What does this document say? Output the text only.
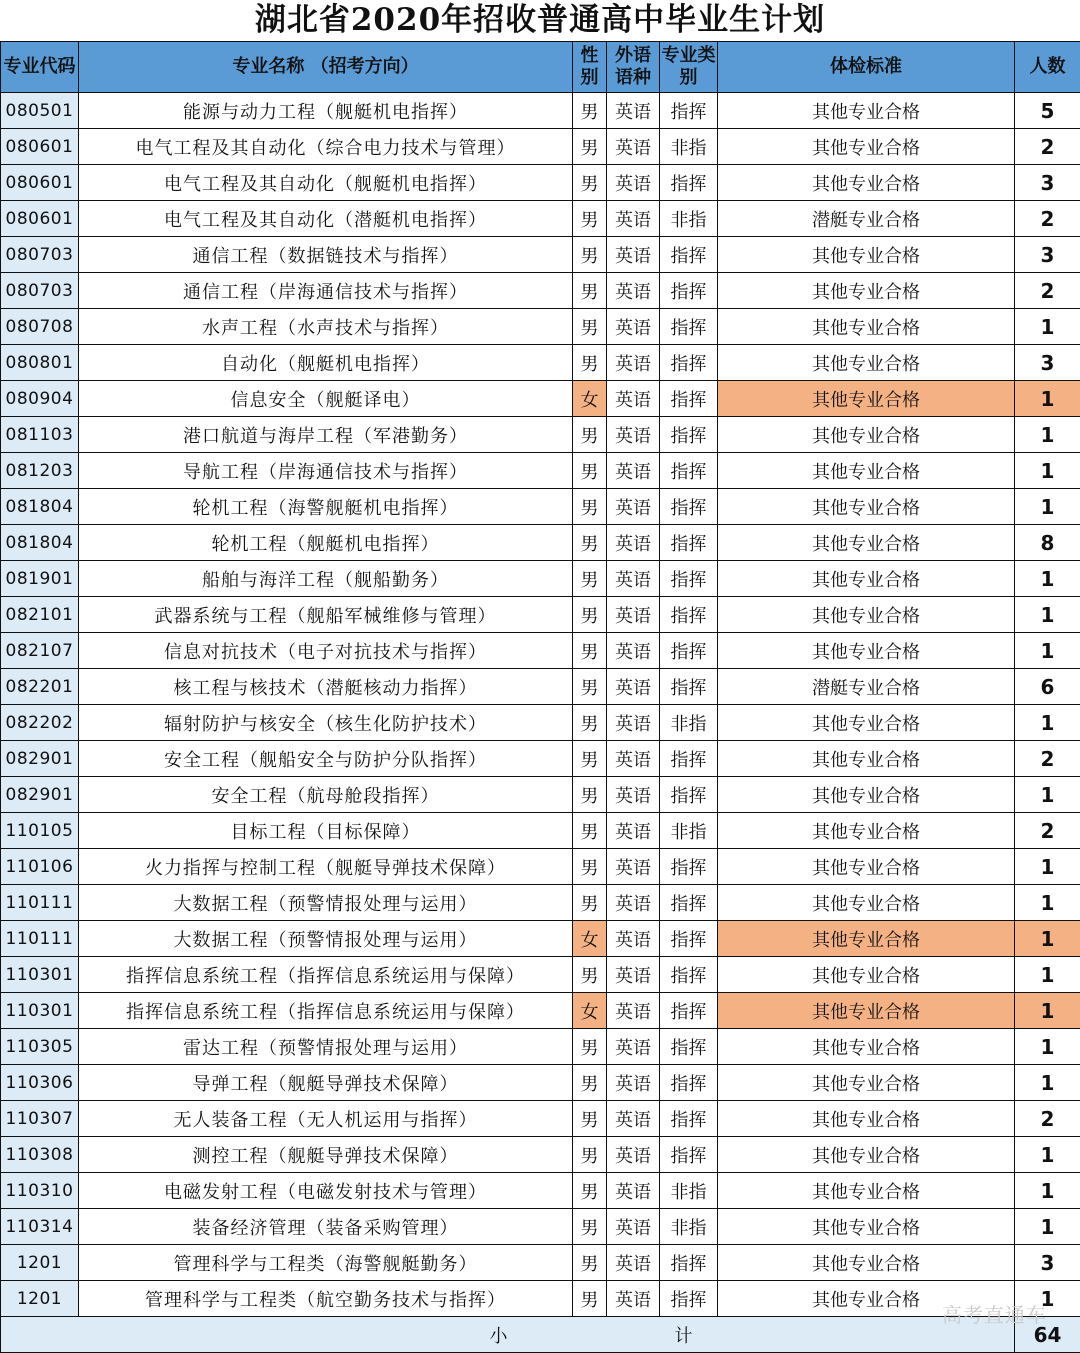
湖北省2020年招收普通高中毕业生计划
专业代码	专业名称 （招考方向）	性别	外语语种	专业类别	体检标准	人数
080501	能源与动力工程（舰艇机电指挥）	男	英语	指挥	其他专业合格	5
080601	电气工程及其自动化（综合电力技术与管理）	男	英语	非指	其他专业合格	2
080601	电气工程及其自动化（舰艇机电指挥）	男	英语	指挥	其他专业合格	3
080601	电气工程及其自动化（潜艇机电指挥）	男	英语	非指	潜艇专业合格	2
080703	通信工程（数据链技术与指挥）	男	英语	指挥	其他专业合格	3
080703	通信工程（岸海通信技术与指挥）	男	英语	指挥	其他专业合格	2
080708	水声工程（水声技术与指挥）	男	英语	指挥	其他专业合格	1
080801	自动化（舰艇机电指挥）	男	英语	指挥	其他专业合格	3
080904	信息安全（舰艇译电）	女	英语	指挥	其他专业合格	1
081103	港口航道与海岸工程（军港勤务）	男	英语	指挥	其他专业合格	1
081203	导航工程（岸海通信技术与指挥）	男	英语	指挥	其他专业合格	1
081804	轮机工程（海警舰艇机电指挥）	男	英语	指挥	其他专业合格	1
081804	轮机工程（舰艇机电指挥）	男	英语	指挥	其他专业合格	8
081901	船舶与海洋工程（舰船勤务）	男	英语	指挥	其他专业合格	1
082101	武器系统与工程（舰船军械维修与管理）	男	英语	指挥	其他专业合格	1
082107	信息对抗技术（电子对抗技术与指挥）	男	英语	指挥	其他专业合格	1
082201	核工程与核技术（潜艇核动力指挥）	男	英语	指挥	潜艇专业合格	6
082202	辐射防护与核安全（核生化防护技术）	男	英语	非指	其他专业合格	1
082901	安全工程（舰船安全与防护分队指挥）	男	英语	指挥	其他专业合格	2
082901	安全工程（航母舱段指挥）	男	英语	指挥	其他专业合格	1
110105	目标工程（目标保障）	男	英语	非指	其他专业合格	2
110106	火力指挥与控制工程（舰艇导弹技术保障）	男	英语	指挥	其他专业合格	1
110111	大数据工程（预警情报处理与运用）	男	英语	指挥	其他专业合格	1
110111	大数据工程（预警情报处理与运用）	女	英语	指挥	其他专业合格	1
110301	指挥信息系统工程（指挥信息系统运用与保障）	男	英语	指挥	其他专业合格	1
110301	指挥信息系统工程（指挥信息系统运用与保障）	女	英语	指挥	其他专业合格	1
110305	雷达工程（预警情报处理与运用）	男	英语	指挥	其他专业合格	1
110306	导弹工程（舰艇导弹技术保障）	男	英语	指挥	其他专业合格	1
110307	无人装备工程（无人机运用与指挥）	男	英语	指挥	其他专业合格	2
110308	测控工程（舰艇导弹技术保障）	男	英语	指挥	其他专业合格	1
110310	电磁发射工程（电磁发射技术与管理）	男	英语	非指	其他专业合格	1
110314	装备经济管理（装备采购管理）	男	英语	非指	其他专业合格	1
1201	管理科学与工程类（海警舰艇勤务）	男	英语	指挥	其他专业合格	3
1201	管理科学与工程类（航空勤务技术与指挥）	男	英语	指挥	其他专业合格	1
小 计						64
高考直通车
